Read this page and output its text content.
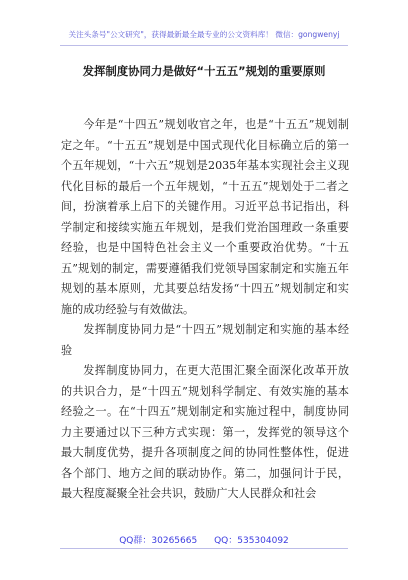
关注头条号"公文研究"，获得最新最全最专业的公文资料库！ 微信：gongwenyj
发挥制度协同力是做好“十五五”规划的重要原则

今年是“十四五”规划收官之年，也是“十五五”规划制定之年。“十五五”规划是中国式现代化目标确立后的第一个五年规划，“十六五”规划是2035年基本实现社会主义现代化目标的最后一个五年规划，“十五五”规划处于二者之间，扮演着承上启下的关键作用。习近平总书记指出，科学制定和接续实施五年规划，是我们党治国理政一条重要经验，也是中国特色社会主义一个重要政治优势。“十五五”规划的制定，需要遵循我们党领导国家制定和实施五年规划的基本原则，尤其要总结发扬“十四五”规划制定和实施的成功经验与有效做法。

发挥制度协同力是“十四五”规划制定和实施的基本经验

发挥制度协同力，在更大范围汇聚全面深化改革开放的共识合力，是“十四五”规划科学制定、有效实施的基本经验之一。在“十四五”规划制定和实施过程中，制度协同力主要通过以下三种方式实现：第一，发挥党的领导这个最大制度优势，提升各项制度之间的协同性整体性，促进各个部门、地方之间的联动协作。第二，加强问计于民，最大程度凝聚全社会共识，鼓励广大人民群众和社会

QQ群：30265665 QQ：535304092
